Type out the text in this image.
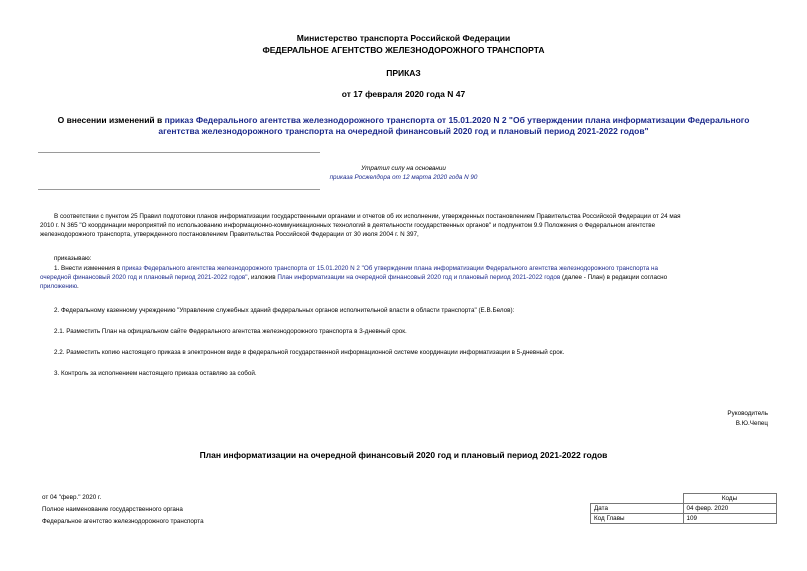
Министерство транспорта Российской Федерации
ФЕДЕРАЛЬНОЕ АГЕНТСТВО ЖЕЛЕЗНОДОРОЖНОГО ТРАНСПОРТА
ПРИКАЗ
от 17 февраля 2020 года N 47
О внесении изменений в приказ Федерального агентства железнодорожного транспорта от 15.01.2020 N 2 "Об утверждении плана информатизации Федерального
агентства железнодорожного транспорта на очередной финансовый 2020 год и плановый период 2021-2022 годов"
Утратил силу на основании
приказа Росжелдора от 12 марта 2020 года N 90
В соответствии с пунктом 25 Правил подготовки планов информатизации государственными органами и отчетов об их исполнении, утвержденных постановлением Правительства Российской Федерации от 24 мая
2010 г. N 365 "О координации мероприятий по использованию информационно-коммуникационных технологий в деятельности государственных органов" и подпунктом 9.9 Положения о Федеральном агентстве
железнодорожного транспорта, утвержденного постановлением Правительства Российской Федерации от 30 июля 2004 г. N 397,
приказываю:
1. Внести изменения в приказ Федерального агентства железнодорожного транспорта от 15.01.2020 N 2 "Об утверждении плана информатизации Федерального агентства железнодорожного транспорта на
очередной финансовый 2020 год и плановый период 2021-2022 годов", изложив План информатизации на очередной финансовый 2020 год и плановый период 2021-2022 годов (далее - План) в редакции согласно
приложению.
2. Федеральному казенному учреждению "Управление служебных зданий федеральных органов исполнительной власти в области транспорта" (Е.В.Белов):
2.1. Разместить План на официальном сайте Федерального агентства железнодорожного транспорта в 3-дневный срок.
2.2. Разместить копию настоящего приказа в электронном виде в федеральной государственной информационной системе координации информатизации в 5-дневный срок.
3. Контроль за исполнением настоящего приказа оставляю за собой.
Руководитель
В.Ю.Чепец
План информатизации на очередной финансовый 2020 год и плановый период 2021-2022 годов
от 04 "февр." 2020 г.
Полное наименование государственного органа
Федеральное агентство железнодорожного транспорта
	Коды
Дата	04 февр. 2020
Код Главы	109
